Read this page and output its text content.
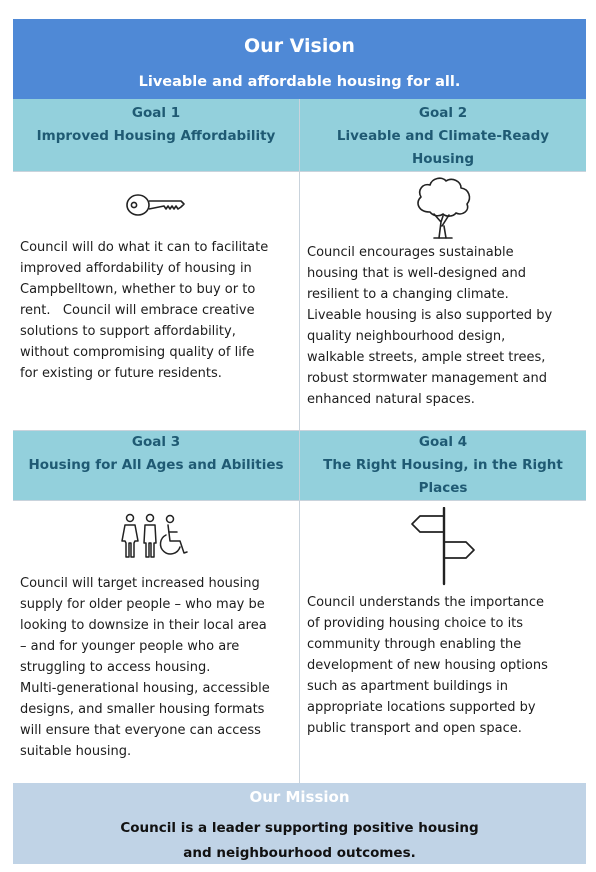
Our Vision
Liveable and affordable housing for all.
Goal 1
Improved Housing Affordability
Goal 2
Liveable and Climate-Ready
Housing
Council will do what it can to facilitate
improved affordability of housing in
Campbelltown, whether to buy or to
rent.   Council will embrace creative
solutions to support affordability,
without compromising quality of life
for existing or future residents.
Council encourages sustainable
housing that is well-designed and
resilient to a changing climate.
Liveable housing is also supported by
quality neighbourhood design,
walkable streets, ample street trees,
robust stormwater management and
enhanced natural spaces.
Goal 3
Housing for All Ages and Abilities
Goal 4
The Right Housing, in the Right
Places
Council will target increased housing
supply for older people – who may be
looking to downsize in their local area
– and for younger people who are
struggling to access housing.
Multi-generational housing, accessible
designs, and smaller housing formats
will ensure that everyone can access
suitable housing.
Council understands the importance
of providing housing choice to its
community through enabling the
development of new housing options
such as apartment buildings in
appropriate locations supported by
public transport and open space.
Our Mission
Council is a leader supporting positive housing
and neighbourhood outcomes.
